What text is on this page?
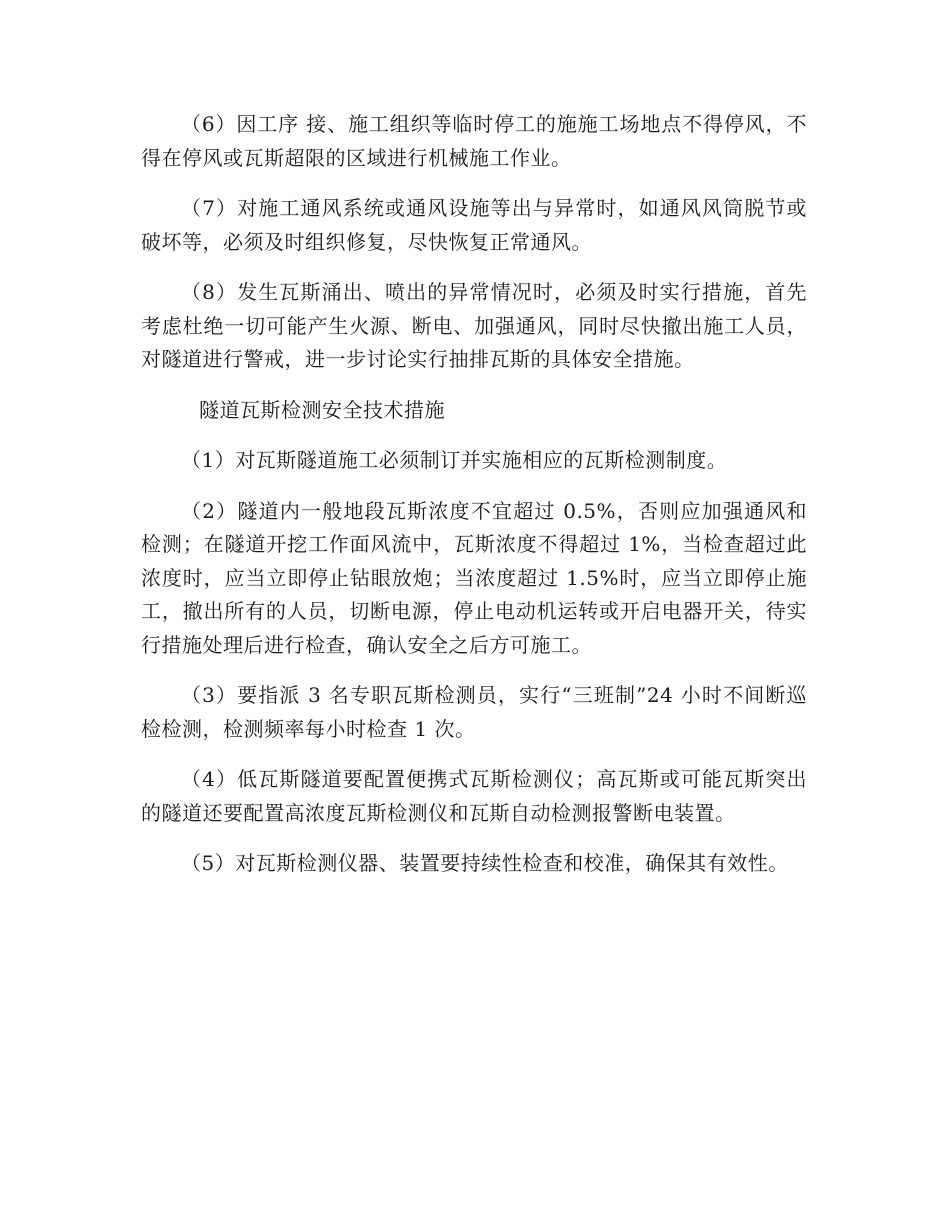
（6）因工序 接、施工组织等临时停工的施施工场地点不得停风，不得在停风或瓦斯超限的区域进行机械施工作业。

（7）对施工通风系统或通风设施等出与异常时，如通风风筒脱节或破坏等，必须及时组织修复，尽快恢复正常通风。

（8）发生瓦斯涌出、喷出的异常情况时，必须及时实行措施，首先考虑杜绝一切可能产生火源、断电、加强通风，同时尽快撤出施工人员，对隧道进行警戒，进一步讨论实行抽排瓦斯的具体安全措施。

隧道瓦斯检测安全技术措施

（1）对瓦斯隧道施工必须制订并实施相应的瓦斯检测制度。

（2）隧道内一般地段瓦斯浓度不宜超过 0.5%，否则应加强通风和检测；在隧道开挖工作面风流中，瓦斯浓度不得超过 1%，当检查超过此浓度时，应当立即停止钻眼放炮；当浓度超过 1.5%时，应当立即停止施工，撤出所有的人员，切断电源，停止电动机运转或开启电器开关，待实行措施处理后进行检查，确认安全之后方可施工。

（3）要指派 3 名专职瓦斯检测员，实行“三班制”24 小时不间断巡检检测，检测频率每小时检查 1 次。

（4）低瓦斯隧道要配置便携式瓦斯检测仪；高瓦斯或可能瓦斯突出的隧道还要配置高浓度瓦斯检测仪和瓦斯自动检测报警断电装置。

（5）对瓦斯检测仪器、装置要持续性检查和校准，确保其有效性。
